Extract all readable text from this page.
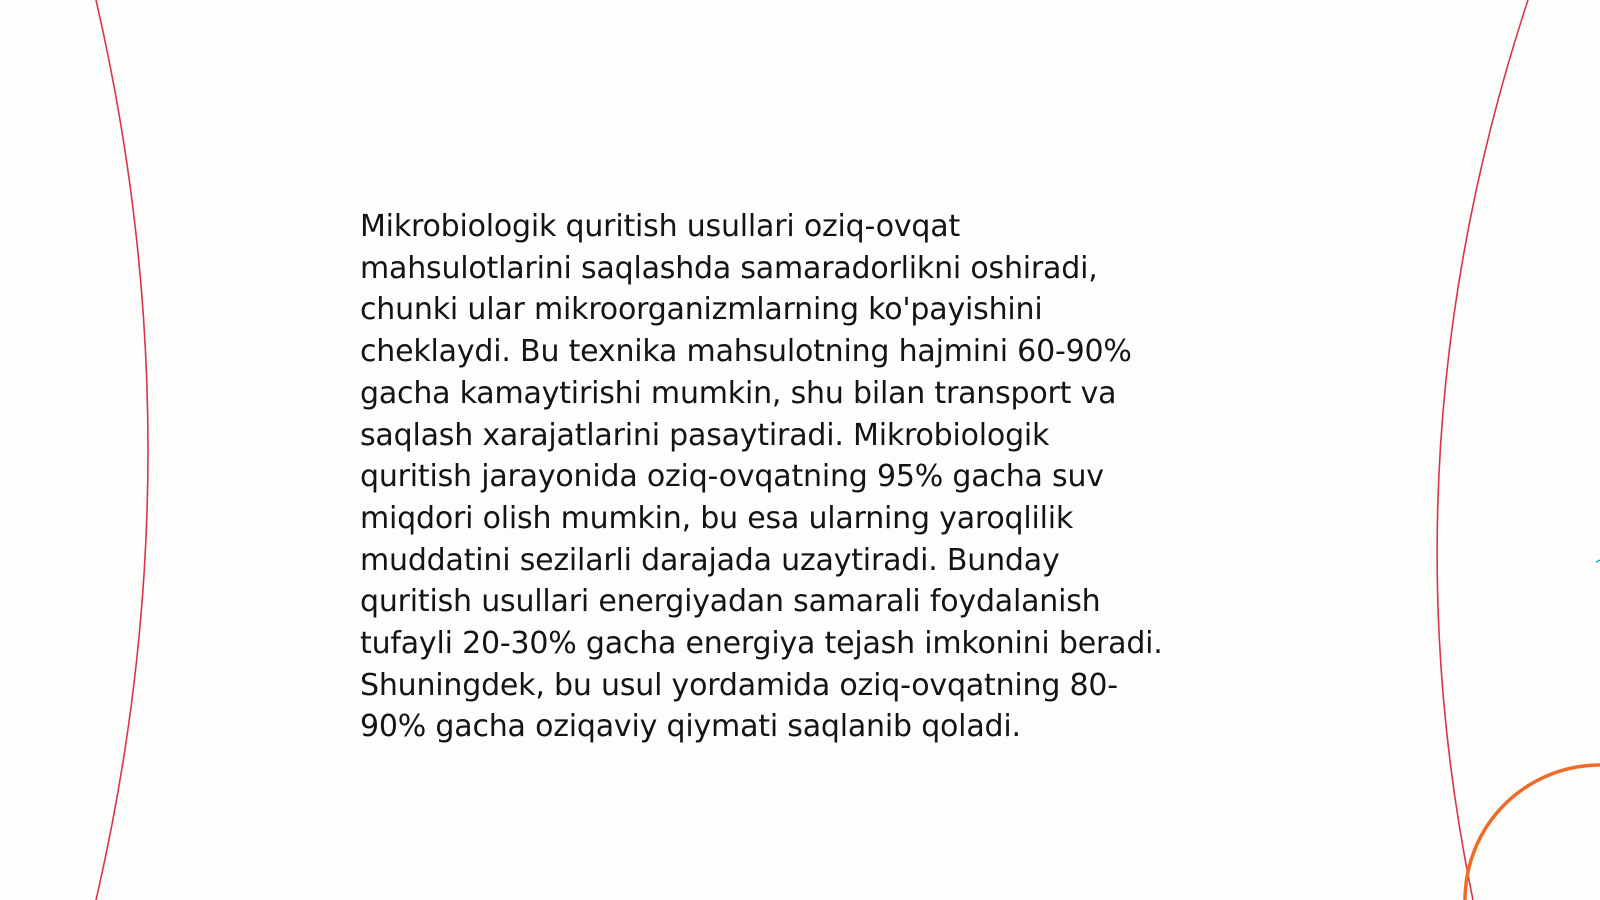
Mikrobiologik quritish usullari oziq-ovqat
mahsulotlarini saqlashda samaradorlikni oshiradi,
chunki ular mikroorganizmlarning ko'payishini
cheklaydi. Bu texnika mahsulotning hajmini 60-90%
gacha kamaytirishi mumkin, shu bilan transport va
saqlash xarajatlarini pasaytiradi. Mikrobiologik
quritish jarayonida oziq-ovqatning 95% gacha suv
miqdori olish mumkin, bu esa ularning yaroqlilik
muddatini sezilarli darajada uzaytiradi. Bunday
quritish usullari energiyadan samarali foydalanish
tufayli 20-30% gacha energiya tejash imkonini beradi.
Shuningdek, bu usul yordamida oziq-ovqatning 80-
90% gacha oziqaviy qiymati saqlanib qoladi.
